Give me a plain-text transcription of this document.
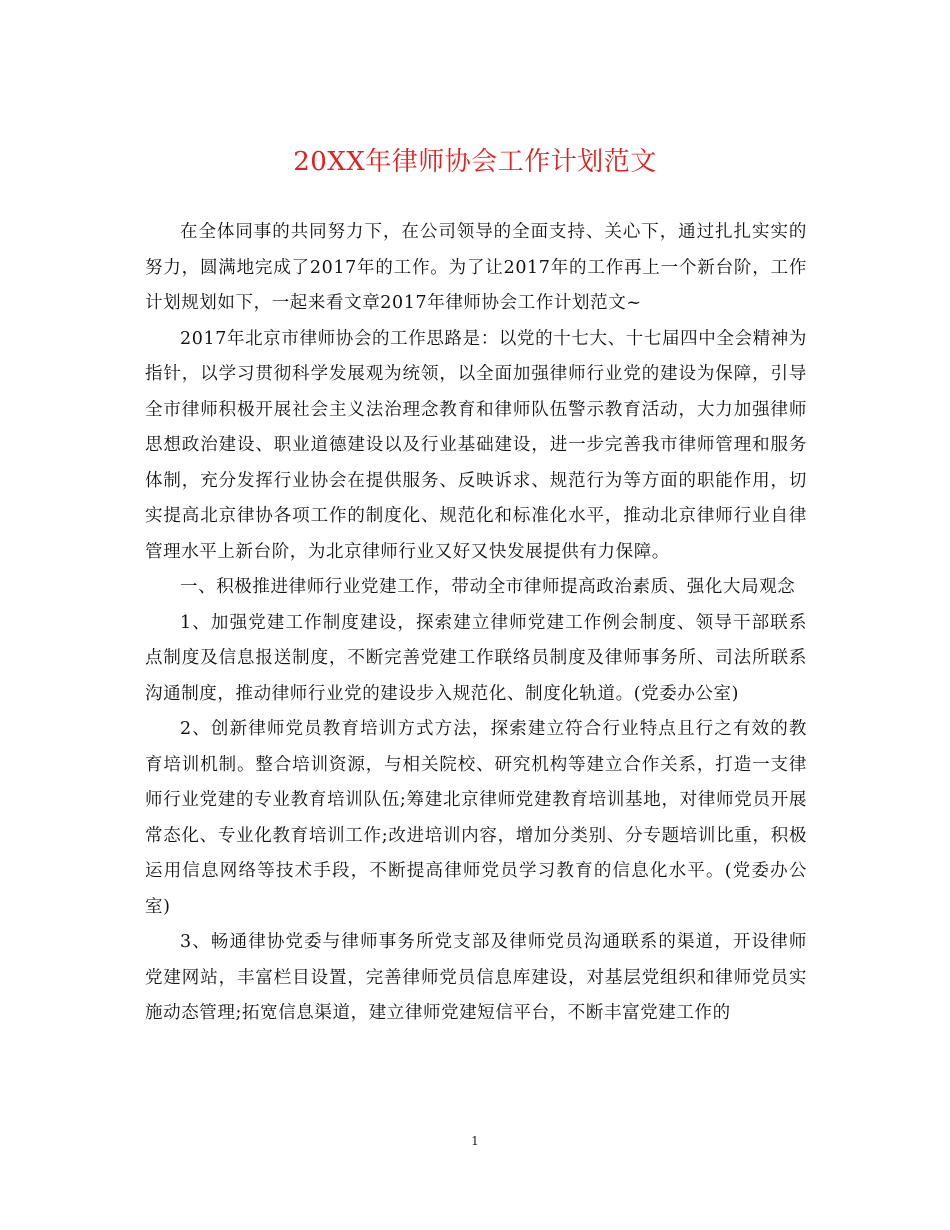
20XX年律师协会工作计划范文

在全体同事的共同努力下，在公司领导的全面支持、关心下，通过扎扎实实的努力，圆满地完成了2017年的工作。为了让2017年的工作再上一个新台阶，工作计划规划如下，一起来看文章2017年律师协会工作计划范文~

2017年北京市律师协会的工作思路是：以党的十七大、十七届四中全会精神为指针，以学习贯彻科学发展观为统领，以全面加强律师行业党的建设为保障，引导全市律师积极开展社会主义法治理念教育和律师队伍警示教育活动，大力加强律师思想政治建设、职业道德建设以及行业基础建设，进一步完善我市律师管理和服务体制，充分发挥行业协会在提供服务、反映诉求、规范行为等方面的职能作用，切实提高北京律协各项工作的制度化、规范化和标准化水平，推动北京律师行业自律管理水平上新台阶，为北京律师行业又好又快发展提供有力保障。

一、积极推进律师行业党建工作，带动全市律师提高政治素质、强化大局观念

1、加强党建工作制度建设，探索建立律师党建工作例会制度、领导干部联系点制度及信息报送制度，不断完善党建工作联络员制度及律师事务所、司法所联系沟通制度，推动律师行业党的建设步入规范化、制度化轨道。(党委办公室)

2、创新律师党员教育培训方式方法，探索建立符合行业特点且行之有效的教育培训机制。整合培训资源，与相关院校、研究机构等建立合作关系，打造一支律师行业党建的专业教育培训队伍;筹建北京律师党建教育培训基地，对律师党员开展常态化、专业化教育培训工作;改进培训内容，增加分类别、分专题培训比重，积极运用信息网络等技术手段，不断提高律师党员学习教育的信息化水平。(党委办公室)

3、畅通律协党委与律师事务所党支部及律师党员沟通联系的渠道，开设律师党建网站，丰富栏目设置，完善律师党员信息库建设，对基层党组织和律师党员实施动态管理;拓宽信息渠道，建立律师党建短信平台，不断丰富党建工作的

1
